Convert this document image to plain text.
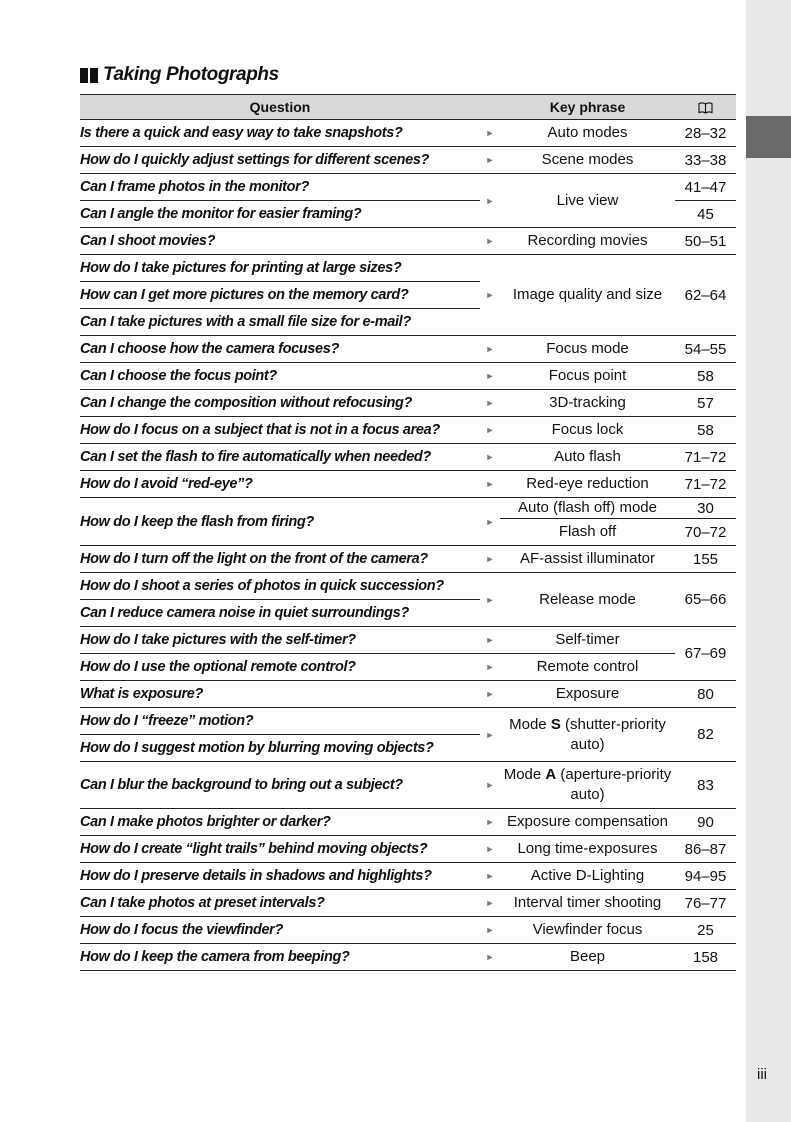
Taking Photographs
Question		Key phrase	
Is there a quick and easy way to take snapshots?	►	Auto modes	28–32
How do I quickly adjust settings for different scenes?	►	Scene modes	33–38
Can I frame photos in the monitor?	►	Live view	41–47
Can I angle the monitor for easier framing?			45
Can I shoot movies?	►	Recording movies	50–51
How do I take pictures for printing at large sizes?	►	Image quality and size	62–64
How can I get more pictures on the memory card?			
Can I take pictures with a small file size for e-mail?			
Can I choose how the camera focuses?	►	Focus mode	54–55
Can I choose the focus point?	►	Focus point	58
Can I change the composition without refocusing?	►	3D-tracking	57
How do I focus on a subject that is not in a focus area?	►	Focus lock	58
Can I set the flash to fire automatically when needed?	►	Auto flash	71–72
How do I avoid “red-eye”?	►	Red-eye reduction	71–72
How do I keep the flash from firing?	►	Auto (flash off) mode	30
		Flash off	70–72
How do I turn off the light on the front of the camera?	►	AF-assist illuminator	155
How do I shoot a series of photos in quick succession?	►	Release mode	65–66
Can I reduce camera noise in quiet surroundings?			
How do I take pictures with the self-timer?	►	Self-timer	67–69
How do I use the optional remote control?	►	Remote control	
What is exposure?	►	Exposure	80
How do I “freeze” motion?	►	Mode S (shutter-priority auto)	82
How do I suggest motion by blurring moving objects?			
Can I blur the background to bring out a subject?	►	Mode A (aperture-priority auto)	83
Can I make photos brighter or darker?	►	Exposure compensation	90
How do I create “light trails” behind moving objects?	►	Long time-exposures	86–87
How do I preserve details in shadows and highlights?	►	Active D-Lighting	94–95
Can I take photos at preset intervals?	►	Interval timer shooting	76–77
How do I focus the viewfinder?	►	Viewfinder focus	25
How do I keep the camera from beeping?	►	Beep	158
iii
